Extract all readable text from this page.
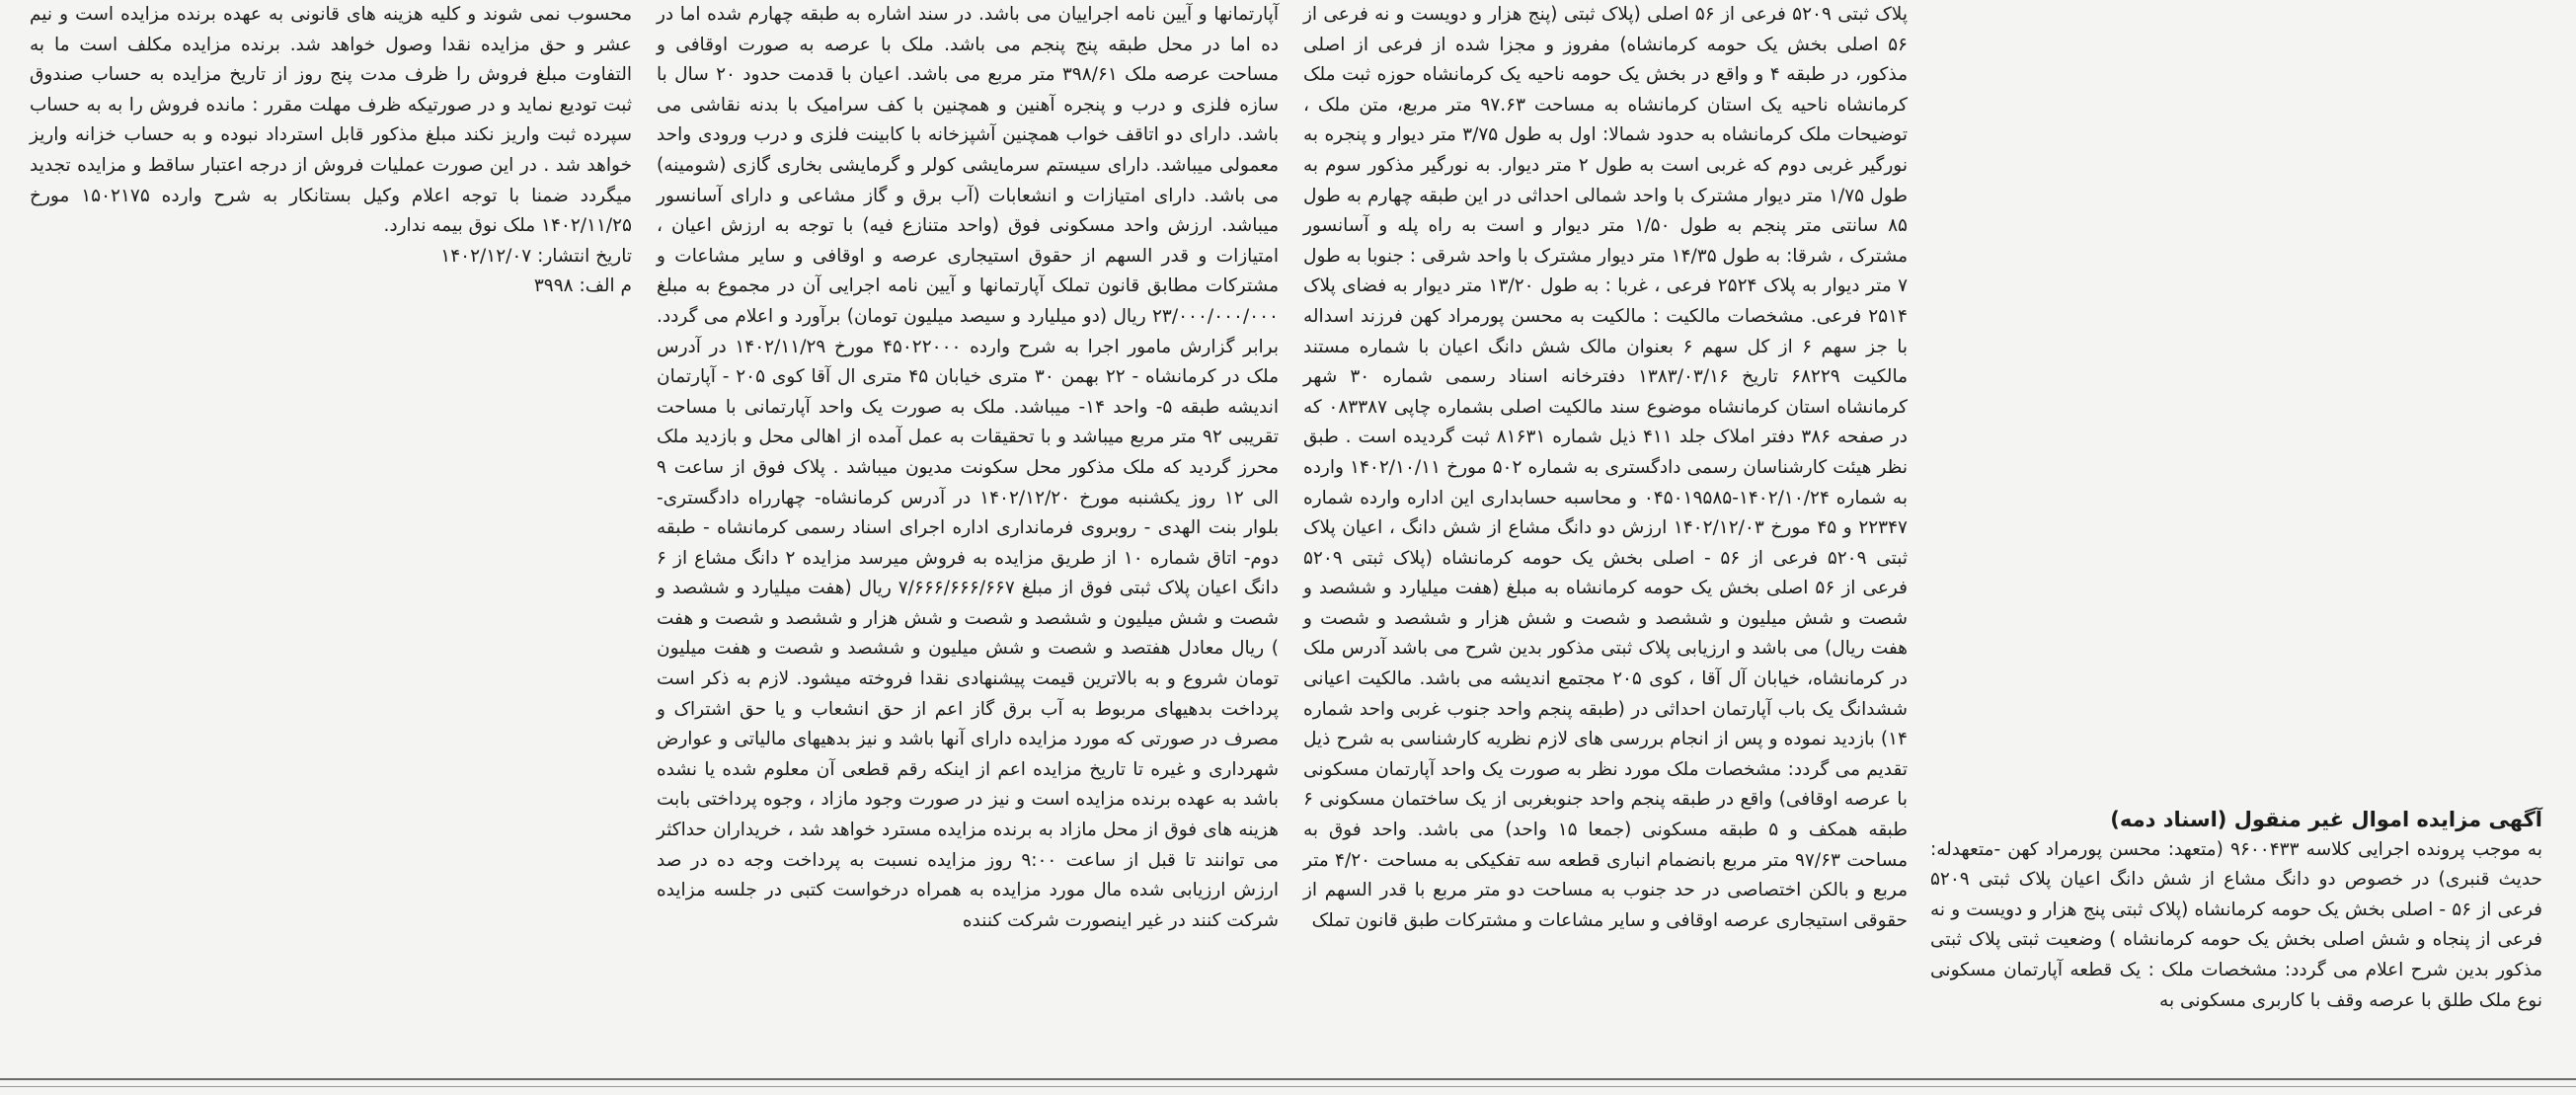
آگهی مزایده اموال غیر منقول (اسناد دمه)

به موجب پرونده اجرایی کلاسه ۹۶۰۰۴۳۳ (متعهد: محسن پورمراد کهن -متعهدله: حدیث قنبری) در خصوص دو دانگ مشاع از شش دانگ اعیان پلاک ثبتی ۵۲۰۹ فرعی از ۵۶ - اصلی بخش یک حومه کرمانشاه (پلاک ثبتی پنج هزار و دویست و نه فرعی از پنجاه و شش اصلی بخش یک حومه کرمانشاه ) وضعیت ثبتی پلاک ثبتی مذکور بدین شرح اعلام می گردد: مشخصات ملک : یک قطعه آپارتمان مسکونی نوع ملک طلق با عرصه وقف با کاربری مسکونی به

پلاک ثبتی ۵۲۰۹ فرعی از ۵۶ اصلی (پلاک ثبتی (پنج هزار و دویست و نه فرعی از ۵۶ اصلی بخش یک حومه کرمانشاه) مفروز و مجزا شده از فرعی از اصلی مذکور، در طبقه ۴ و واقع در بخش یک حومه ناحیه یک کرمانشاه حوزه ثبت ملک کرمانشاه ناحیه یک استان کرمانشاه به مساحت ۹۷.۶۳ متر مربع، متن ملک ، توضیحات ملک کرمانشاه به حدود شمالا: اول به طول ۳/۷۵ متر دیوار و پنجره به نورگیر غربی دوم که غربی است به طول ۲ متر دیوار. به نورگیر مذکور سوم به طول ۱/۷۵ متر دیوار مشترک با واحد شمالی احداثی در این طبقه چهارم به طول ۸۵ سانتی متر پنجم به طول ۱/۵۰ متر دیوار و است به راه پله و آسانسور مشترک ، شرقا: به طول ۱۴/۳۵ متر دیوار مشترک با واحد شرقی : جنوبا به طول ۷ متر دیوار به پلاک ۲۵۲۴ فرعی ، غربا : به طول ۱۳/۲۰ متر دیوار به فضای پلاک ۲۵۱۴ فرعی. مشخصات مالکیت : مالکیت به محسن پورمراد کهن فرزند اسداله با جز سهم ۶ از کل سهم ۶ بعنوان مالک شش دانگ اعیان با شماره مستند مالکیت ۶۸۲۲۹ تاریخ ۱۳۸۳/۰۳/۱۶ دفترخانه اسناد رسمی شماره ۳۰ شهر کرمانشاه استان کرمانشاه موضوع سند مالکیت اصلی بشماره چاپی ۰۸۳۳۸۷ که در صفحه ۳۸۶ دفتر املاک جلد ۴۱۱ ذیل شماره ۸۱۶۳۱ ثبت گردیده است . طبق نظر هیئت کارشناسان رسمی دادگستری به شماره ۵۰۲ مورخ ۱۴۰۲/۱۰/۱۱ وارده به شماره ۱۴۰۲/۱۰/۲۴-۰۴۵۰۱۹۵۸۵ و محاسبه حسابداری این اداره وارده شماره ۲۲۳۴۷ و ۴۵ مورخ ۱۴۰۲/۱۲/۰۳ ارزش دو دانگ مشاع از شش دانگ ، اعیان پلاک ثبتی ۵۲۰۹ فرعی از ۵۶ - اصلی بخش یک حومه کرمانشاه (پلاک ثبتی ۵۲۰۹ فرعی از ۵۶ اصلی بخش یک حومه کرمانشاه به مبلغ (هفت میلیارد و ششصد و شصت و شش میلیون و ششصد و شصت و شش هزار و ششصد و شصت و هفت ریال) می باشد و ارزیابی پلاک ثبتی مذکور بدین شرح می باشد آدرس ملک در کرمانشاه، خیابان آل آقا ، کوی ۲۰۵ مجتمع اندیشه می باشد. مالکیت اعیانی ششدانگ یک باب آپارتمان احداثی در (طبقه پنجم واحد جنوب غربی واحد شماره ۱۴) بازدید نموده و پس از انجام بررسی های لازم نظریه کارشناسی به شرح ذیل تقدیم می گردد: مشخصات ملک مورد نظر به صورت یک واحد آپارتمان مسکونی با عرصه اوقافی) واقع در طبقه پنجم واحد جنوبغربی از یک ساختمان مسکونی ۶ طبقه همکف و ۵ طبقه مسکونی (جمعا ۱۵ واحد) می باشد. واحد فوق به مساحت ۹۷/۶۳ متر مربع بانضمام انباری قطعه سه تفکیکی به مساحت ۴/۲۰ متر مربع و بالکن اختصاصی در حد جنوب به مساحت دو متر مربع با قدر السهم از حقوقی استیجاری عرصه اوقافی و سایر مشاعات و مشترکات طبق قانون تملک

آپارتمانها و آیین نامه اجراییان می باشد. در سند اشاره به طبقه چهارم شده اما در ده اما در محل طبقه پنج پنجم می باشد. ملک با عرصه به صورت اوقافی و مساحت عرصه ملک ۳۹۸/۶۱ متر مربع می باشد. اعیان با قدمت حدود ۲۰ سال با سازه فلزی و درب و پنجره آهنین و همچنین با کف سرامیک با بدنه نقاشی می باشد. دارای دو اتاقف خواب همچنین آشپزخانه با کابینت فلزی و درب ورودی واحد معمولی میباشد. دارای سیستم سرمایشی کولر و گرمایشی بخاری گازی (شومینه) می باشد. دارای امتیازات و انشعابات (آب برق و گاز مشاعی و دارای آسانسور میباشد. ارزش واحد مسکونی فوق (واحد متنازع فیه) با توجه به ارزش اعیان ، امتیازات و قدر السهم از حقوق استیجاری عرصه و اوقافی و سایر مشاعات و مشترکات مطابق قانون تملک آپارتمانها و آیین نامه اجرایی آن در مجموع به مبلغ ۲۳/۰۰۰/۰۰۰/۰۰۰ ریال (دو میلیارد و سیصد میلیون تومان) برآورد و اعلام می گردد. برابر گزارش مامور اجرا به شرح وارده ۴۵۰۲۲۰۰۰ مورخ ۱۴۰۲/۱۱/۲۹ در آدرس ملک در کرمانشاه - ۲۲ بهمن ۳۰ متری خیابان ۴۵ متری ال آقا کوی ۲۰۵ - آپارتمان اندیشه طبقه ۵- واحد ۱۴- میباشد. ملک به صورت یک واحد آپارتمانی با مساحت تقریبی ۹۲ متر مربع میباشد و با تحقیقات به عمل آمده از اهالی محل و بازدید ملک محرز گردید که ملک مذکور محل سکونت مدیون میباشد . پلاک فوق از ساعت ۹ الی ۱۲ روز یکشنبه مورخ ۱۴۰۲/۱۲/۲۰ در آدرس کرمانشاه- چهارراه دادگستری- بلوار بنت الهدی - روبروی فرمانداری اداره اجرای اسناد رسمی کرمانشاه - طبقه دوم- اتاق شماره ۱۰ از طریق مزایده به فروش میرسد مزایده ۲ دانگ مشاع از ۶ دانگ اعیان پلاک ثبتی فوق از مبلغ ۷/۶۶۶/۶۶۶/۶۶۷ ریال (هفت میلیارد و ششصد و شصت و شش میلیون و ششصد و شصت و شش هزار و ششصد و شصت و هفت ) ریال معادل هفتصد و شصت و شش میلیون و ششصد و شصت و هفت میلیون تومان شروع و به بالاترین قیمت پیشنهادی نقدا فروخته میشود. لازم به ذکر است پرداخت بدهیهای مربوط به آب برق گاز اعم از حق انشعاب و یا حق اشتراک و مصرف در صورتی که مورد مزایده دارای آنها باشد و نیز بدهیهای مالیاتی و عوارض شهرداری و غیره تا تاریخ مزایده اعم از اینکه رقم قطعی آن معلوم شده یا نشده باشد به عهده برنده مزایده است و نیز در صورت وجود مازاد ، وجوه پرداختی بابت هزینه های فوق از محل مازاد به برنده مزایده مسترد خواهد شد ، خریداران حداکثر می توانند تا قبل از ساعت ۹:۰۰ روز مزایده نسبت به پرداخت وجه ده در صد ارزش ارزیابی شده مال مورد مزایده به همراه درخواست کتبی در جلسه مزایده شرکت کنند در غیر اینصورت شرکت کننده

محسوب نمی شوند و کلیه هزینه های قانونی به عهده برنده مزایده است و نیم عشر و حق مزایده نقدا وصول خواهد شد. برنده مزایده مکلف است ما به التفاوت مبلغ فروش را ظرف مدت پنج روز از تاریخ مزایده به حساب صندوق ثبت تودیع نماید و در صورتیکه ظرف مهلت مقرر : مانده فروش را به به حساب سپرده ثبت واریز نکند مبلغ مذکور قابل استرداد نبوده و به حساب خزانه واریز خواهد شد . در این صورت عملیات فروش از درجه اعتبار ساقط و مزایده تجدید میگردد ضمنا با توجه اعلام وکیل بستانکار به شرح وارده ۱۵۰۲۱۷۵ مورخ ۱۴۰۲/۱۱/۲۵ ملک نوق بیمه ندارد.

تاریخ انتشار: ۱۴۰۲/۱۲/۰۷

م الف: ۳۹۹۸
